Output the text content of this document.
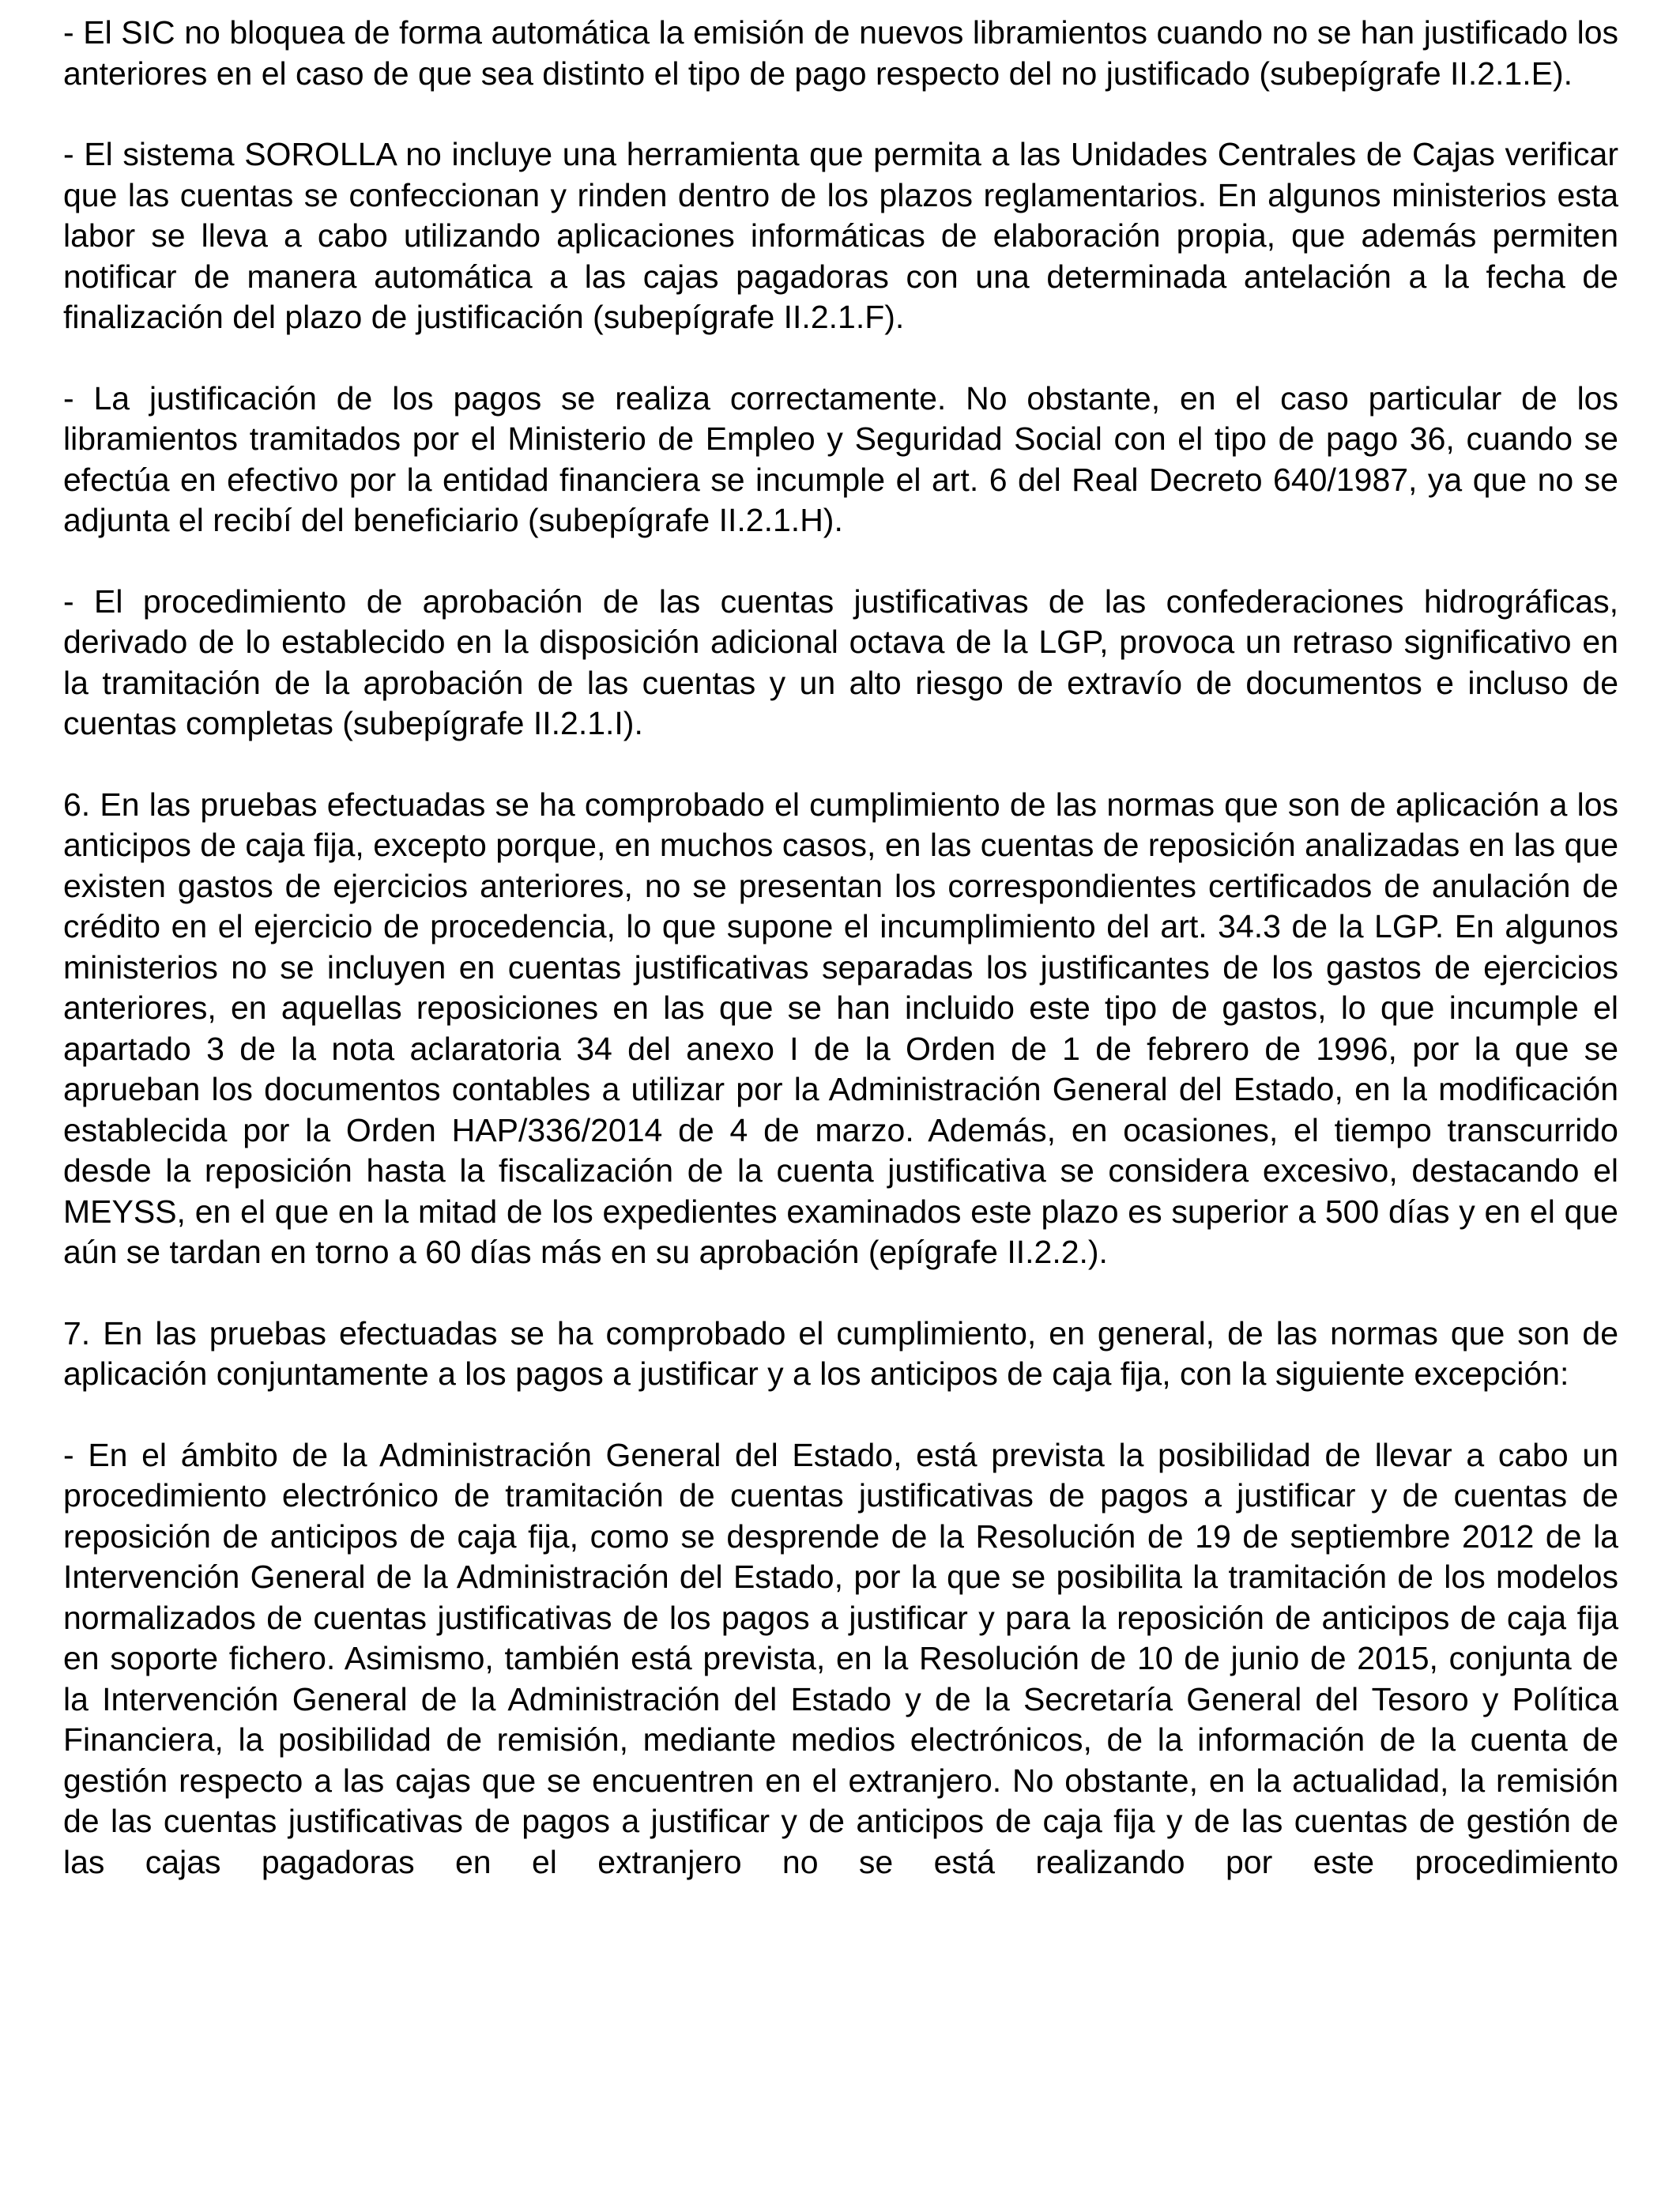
- El SIC no bloquea de forma automática la emisión de nuevos libramientos cuando no se han justificado los anteriores en el caso de que sea distinto el tipo de pago respecto del no justificado (subepígrafe II.2.1.E).

- El sistema SOROLLA no incluye una herramienta que permita a las Unidades Centrales de Cajas verificar que las cuentas se confeccionan y rinden dentro de los plazos reglamentarios. En algunos ministerios esta labor se lleva a cabo utilizando aplicaciones informáticas de elaboración propia, que además permiten notificar de manera automática a las cajas pagadoras con una determinada antelación a la fecha de finalización del plazo de justificación (subepígrafe II.2.1.F).

- La justificación de los pagos se realiza correctamente. No obstante, en el caso particular de los libramientos tramitados por el Ministerio de Empleo y Seguridad Social con el tipo de pago 36, cuando se efectúa en efectivo por la entidad financiera se incumple el art. 6 del Real Decreto 640/1987, ya que no se adjunta el recibí del beneficiario (subepígrafe II.2.1.H).

- El procedimiento de aprobación de las cuentas justificativas de las confederaciones hidrográficas, derivado de lo establecido en la disposición adicional octava de la LGP, provoca un retraso significativo en la tramitación de la aprobación de las cuentas y un alto riesgo de extravío de documentos e incluso de cuentas completas (subepígrafe II.2.1.I).

6. En las pruebas efectuadas se ha comprobado el cumplimiento de las normas que son de aplicación a los anticipos de caja fija, excepto porque, en muchos casos, en las cuentas de reposición analizadas en las que existen gastos de ejercicios anteriores, no se presentan los correspondientes certificados de anulación de crédito en el ejercicio de procedencia, lo que supone el incumplimiento del art. 34.3 de la LGP. En algunos ministerios no se incluyen en cuentas justificativas separadas los justificantes de los gastos de ejercicios anteriores, en aquellas reposiciones en las que se han incluido este tipo de gastos, lo que incumple el apartado 3 de la nota aclaratoria 34 del anexo I de la Orden de 1 de febrero de 1996, por la que se aprueban los documentos contables a utilizar por la Administración General del Estado, en la modificación establecida por la Orden HAP/336/2014 de 4 de marzo. Además, en ocasiones, el tiempo transcurrido desde la reposición hasta la fiscalización de la cuenta justificativa se considera excesivo, destacando el MEYSS, en el que en la mitad de los expedientes examinados este plazo es superior a 500 días y en el que aún se tardan en torno a 60 días más en su aprobación (epígrafe II.2.2.).

7. En las pruebas efectuadas se ha comprobado el cumplimiento, en general, de las normas que son de aplicación conjuntamente a los pagos a justificar y a los anticipos de caja fija, con la siguiente excepción:

- En el ámbito de la Administración General del Estado, está prevista la posibilidad de llevar a cabo un procedimiento electrónico de tramitación de cuentas justificativas de pagos a justificar y de cuentas de reposición de anticipos de caja fija, como se desprende de la Resolución de 19 de septiembre 2012 de la Intervención General de la Administración del Estado, por la que se posibilita la tramitación de los modelos normalizados de cuentas justificativas de los pagos a justificar y para la reposición de anticipos de caja fija en soporte fichero. Asimismo, también está prevista, en la Resolución de 10 de junio de 2015, conjunta de la Intervención General de la Administración del Estado y de la Secretaría General del Tesoro y Política Financiera, la posibilidad de remisión, mediante medios electrónicos, de la información de la cuenta de gestión respecto a las cajas que se encuentren en el extranjero. No obstante, en la actualidad, la remisión de las cuentas justificativas de pagos a justificar y de anticipos de caja fija y de las cuentas de gestión de las cajas pagadoras en el extranjero no se está realizando por este procedimiento
